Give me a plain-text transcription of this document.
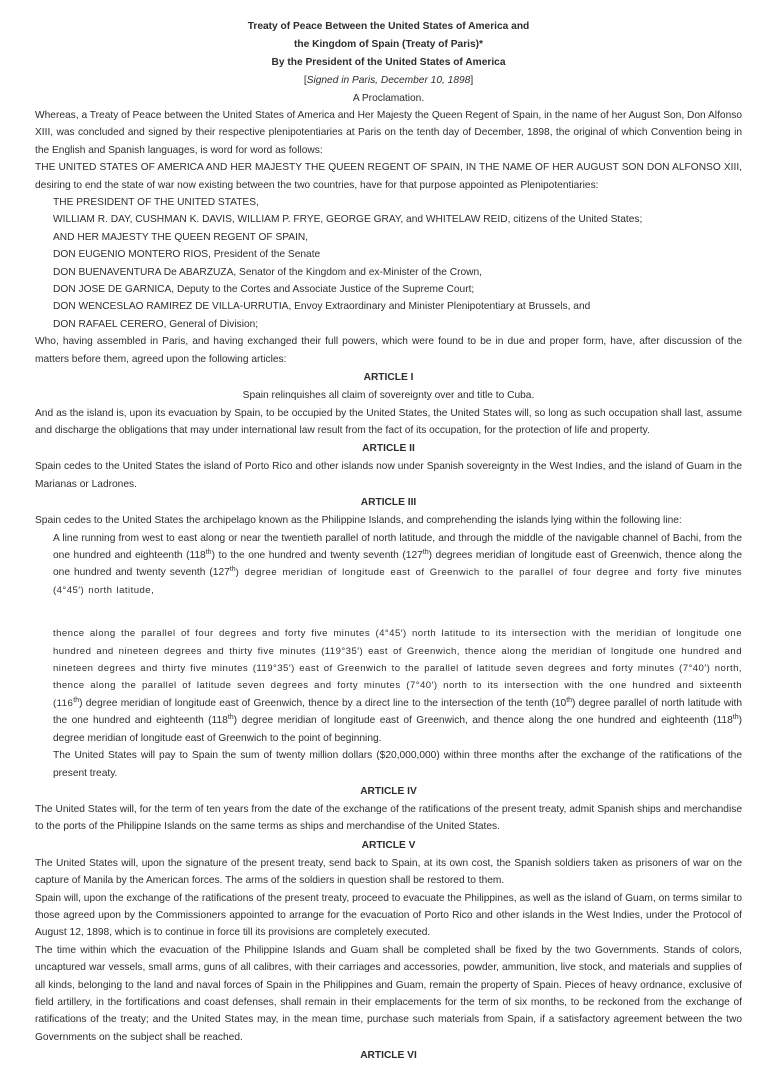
Treaty of Peace Between the United States of America and
the Kingdom of Spain (Treaty of Paris)*
By the President of the United States of America
[Signed in Paris, December 10, 1898]
A Proclamation.

Whereas, a Treaty of Peace between the United States of America and Her Majesty the Queen Regent of Spain, in the name of her August Son, Don Alfonso XIII, was concluded and signed by their respective plenipotentiaries at Paris on the tenth day of December, 1898, the original of which Convention being in the English and Spanish languages, is word for word as follows:

THE UNITED STATES OF AMERICA AND HER MAJESTY THE QUEEN REGENT OF SPAIN, IN THE NAME OF HER AUGUST SON DON ALFONSO XIII, desiring to end the state of war now existing between the two countries, have for that purpose appointed as Plenipotentiaries:

THE PRESIDENT OF THE UNITED STATES,

WILLIAM R. DAY, CUSHMAN K. DAVIS, WILLIAM P. FRYE, GEORGE GRAY, and WHITELAW REID, citizens of the United States;

AND HER MAJESTY THE QUEEN REGENT OF SPAIN,

DON EUGENIO MONTERO RIOS, President of the Senate

DON BUENAVENTURA De ABARZUZA, Senator of the Kingdom and ex-Minister of the Crown,

DON JOSE DE GARNICA, Deputy to the Cortes and Associate Justice of the Supreme Court;

DON WENCESLAO RAMIREZ DE VILLA-URRUTIA, Envoy Extraordinary and Minister Plenipotentiary at Brussels, and

DON RAFAEL CERERO, General of Division;

Who, having assembled in Paris, and having exchanged their full powers, which were found to be in due and proper form, have, after discussion of the matters before them, agreed upon the following articles:

ARTICLE I
Spain relinquishes all claim of sovereignty over and title to Cuba.

And as the island is, upon its evacuation by Spain, to be occupied by the United States, the United States will, so long as such occupation shall last, assume and discharge the obligations that may under international law result from the fact of its occupation, for the protection of life and property.

ARTICLE II

Spain cedes to the United States the island of Porto Rico and other islands now under Spanish sovereignty in the West Indies, and the island of Guam in the Marianas or Ladrones.

ARTICLE III

Spain cedes to the United States the archipelago known as the Philippine Islands, and comprehending the islands lying within the following line:

A line running from west to east along or near the twentieth parallel of north latitude, and through the middle of the navigable channel of Bachi, from the one hundred and eighteenth (118th) to the one hundred and twenty seventh (127th) degrees meridian of longitude east of Greenwich, thence along the one hundred and twenty seventh (127th) degree meridian of longitude east of Greenwich to the parallel of four degree and forty five minutes (4°45′) north latitude,

thence along the parallel of four degrees and forty five minutes (4°45′) north latitude to its intersection with the meridian of longitude one hundred and nineteen degrees and thirty five minutes (119°35′) east of Greenwich, thence along the meridian of longitude one hundred and nineteen degrees and thirty five minutes (119°35′) east of Greenwich to the parallel of latitude seven degrees and forty minutes (7°40′) north, thence along the parallel of latitude seven degrees and forty minutes (7°40′) north to its intersection with the one hundred and sixteenth (116th) degree meridian of longitude east of Greenwich, thence by a direct line to the intersection of the tenth (10th) degree parallel of north latitude with the one hundred and eighteenth (118th) degree meridian of longitude east of Greenwich, and thence along the one hundred and eighteenth (118th) degree meridian of longitude east of Greenwich to the point of beginning.

The United States will pay to Spain the sum of twenty million dollars ($20,000,000) within three months after the exchange of the ratifications of the present treaty.

ARTICLE IV

The United States will, for the term of ten years from the date of the exchange of the ratifications of the present treaty, admit Spanish ships and merchandise to the ports of the Philippine Islands on the same terms as ships and merchandise of the United States.

ARTICLE V

The United States will, upon the signature of the present treaty, send back to Spain, at its own cost, the Spanish soldiers taken as prisoners of war on the capture of Manila by the American forces. The arms of the soldiers in question shall be restored to them.

Spain will, upon the exchange of the ratifications of the present treaty, proceed to evacuate the Philippines, as well as the island of Guam, on terms similar to those agreed upon by the Commissioners appointed to arrange for the evacuation of Porto Rico and other islands in the West Indies, under the Protocol of August 12, 1898, which is to continue in force till its provisions are completely executed.

The time within which the evacuation of the Philippine Islands and Guam shall be completed shall be fixed by the two Governments. Stands of colors, uncaptured war vessels, small arms, guns of all calibres, with their carriages and accessories, powder, ammunition, live stock, and materials and supplies of all kinds, belonging to the land and naval forces of Spain in the Philippines and Guam, remain the property of Spain. Pieces of heavy ordnance, exclusive of field artillery, in the fortifications and coast defenses, shall remain in their emplacements for the term of six months, to be reckoned from the exchange of ratifications of the treaty; and the United States may, in the mean time, purchase such materials from Spain, if a satisfactory agreement between the two Governments on the subject shall be reached.

ARTICLE VI
